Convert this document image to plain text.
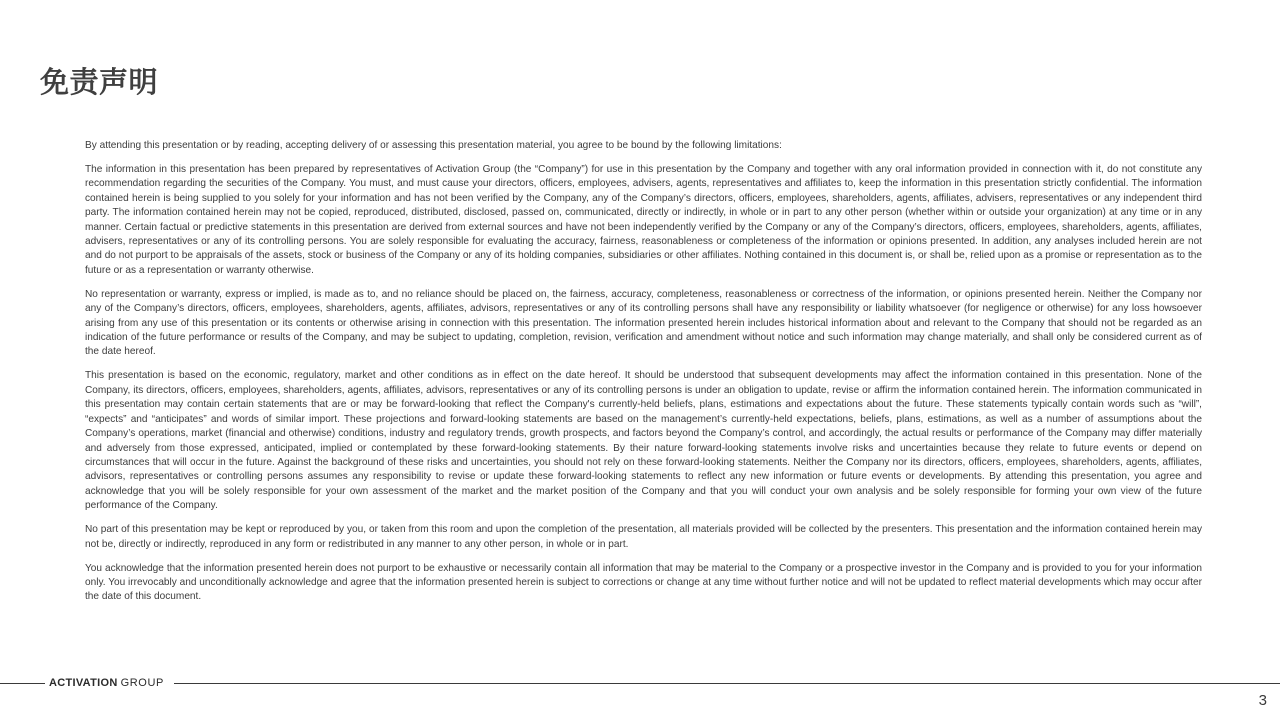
免责声明

By attending this presentation or by reading, accepting delivery of or assessing this presentation material, you agree to be bound by the following limitations:

The information in this presentation has been prepared by representatives of Activation Group (the “Company”) for use in this presentation by the Company and together with any oral information provided in connection with it, do not constitute any recommendation regarding the securities of the Company. You must, and must cause your directors, officers, employees, advisers, agents, representatives and affiliates to, keep the information in this presentation strictly confidential. The information contained herein is being supplied to you solely for your information and has not been verified by the Company, any of the Company’s directors, officers, employees, shareholders, agents, affiliates, advisers, representatives or any independent third party. The information contained herein may not be copied, reproduced, distributed, disclosed, passed on, communicated, directly or indirectly, in whole or in part to any other person (whether within or outside your organization) at any time or in any manner. Certain factual or predictive statements in this presentation are derived from external sources and have not been independently verified by the Company or any of the Company’s directors, officers, employees, shareholders, agents, affiliates, advisers, representatives or any of its controlling persons. You are solely responsible for evaluating the accuracy, fairness, reasonableness or completeness of the information or opinions presented. In addition, any analyses included herein are not and do not purport to be appraisals of the assets, stock or business of the Company or any of its holding companies, subsidiaries or other affiliates. Nothing contained in this document is, or shall be, relied upon as a promise or representation as to the future or as a representation or warranty otherwise.

No representation or warranty, express or implied, is made as to, and no reliance should be placed on, the fairness, accuracy, completeness, reasonableness or correctness of the information, or opinions presented herein. Neither the Company nor any of the Company’s directors, officers, employees, shareholders, agents, affiliates, advisors, representatives or any of its controlling persons shall have any responsibility or liability whatsoever (for negligence or otherwise) for any loss howsoever arising from any use of this presentation or its contents or otherwise arising in connection with this presentation. The information presented herein includes historical information about and relevant to the Company that should not be regarded as an indication of the future performance or results of the Company, and may be subject to updating, completion, revision, verification and amendment without notice and such information may change materially, and shall only be considered current as of the date hereof.

This presentation is based on the economic, regulatory, market and other conditions as in effect on the date hereof. It should be understood that subsequent developments may affect the information contained in this presentation. None of the Company, its directors, officers, employees, shareholders, agents, affiliates, advisors, representatives or any of its controlling persons is under an obligation to update, revise or affirm the information contained herein. The information communicated in this presentation may contain certain statements that are or may be forward-looking that reflect the Company's currently-held beliefs, plans, estimations and expectations about the future. These statements typically contain words such as “will”, “expects” and “anticipates” and words of similar import. These projections and forward-looking statements are based on the management’s currently-held expectations, beliefs, plans, estimations, as well as a number of assumptions about the Company’s operations, market (financial and otherwise) conditions, industry and regulatory trends, growth prospects, and factors beyond the Company’s control, and accordingly, the actual results or performance of the Company may differ materially and adversely from those expressed, anticipated, implied or contemplated by these forward-looking statements. By their nature forward-looking statements involve risks and uncertainties because they relate to future events or depend on circumstances that will occur in the future. Against the background of these risks and uncertainties, you should not rely on these forward-looking statements. Neither the Company nor its directors, officers, employees, shareholders, agents, affiliates, advisors, representatives or controlling persons assumes any responsibility to revise or update these forward-looking statements to reflect any new information or future events or developments. By attending this presentation, you agree and acknowledge that you will be solely responsible for your own assessment of the market and the market position of the Company and that you will conduct your own analysis and be solely responsible for forming your own view of the future performance of the Company.

No part of this presentation may be kept or reproduced by you, or taken from this room and upon the completion of the presentation, all materials provided will be collected by the presenters. This presentation and the information contained herein may not be, directly or indirectly, reproduced in any form or redistributed in any manner to any other person, in whole or in part.

You acknowledge that the information presented herein does not purport to be exhaustive or necessarily contain all information that may be material to the Company or a prospective investor in the Company and is provided to you for your information only. You irrevocably and unconditionally acknowledge and agree that the information presented herein is subject to corrections or change at any time without further notice and will not be updated to reflect material developments which may occur after the date of this document.

ACTIVATION GROUP
3
